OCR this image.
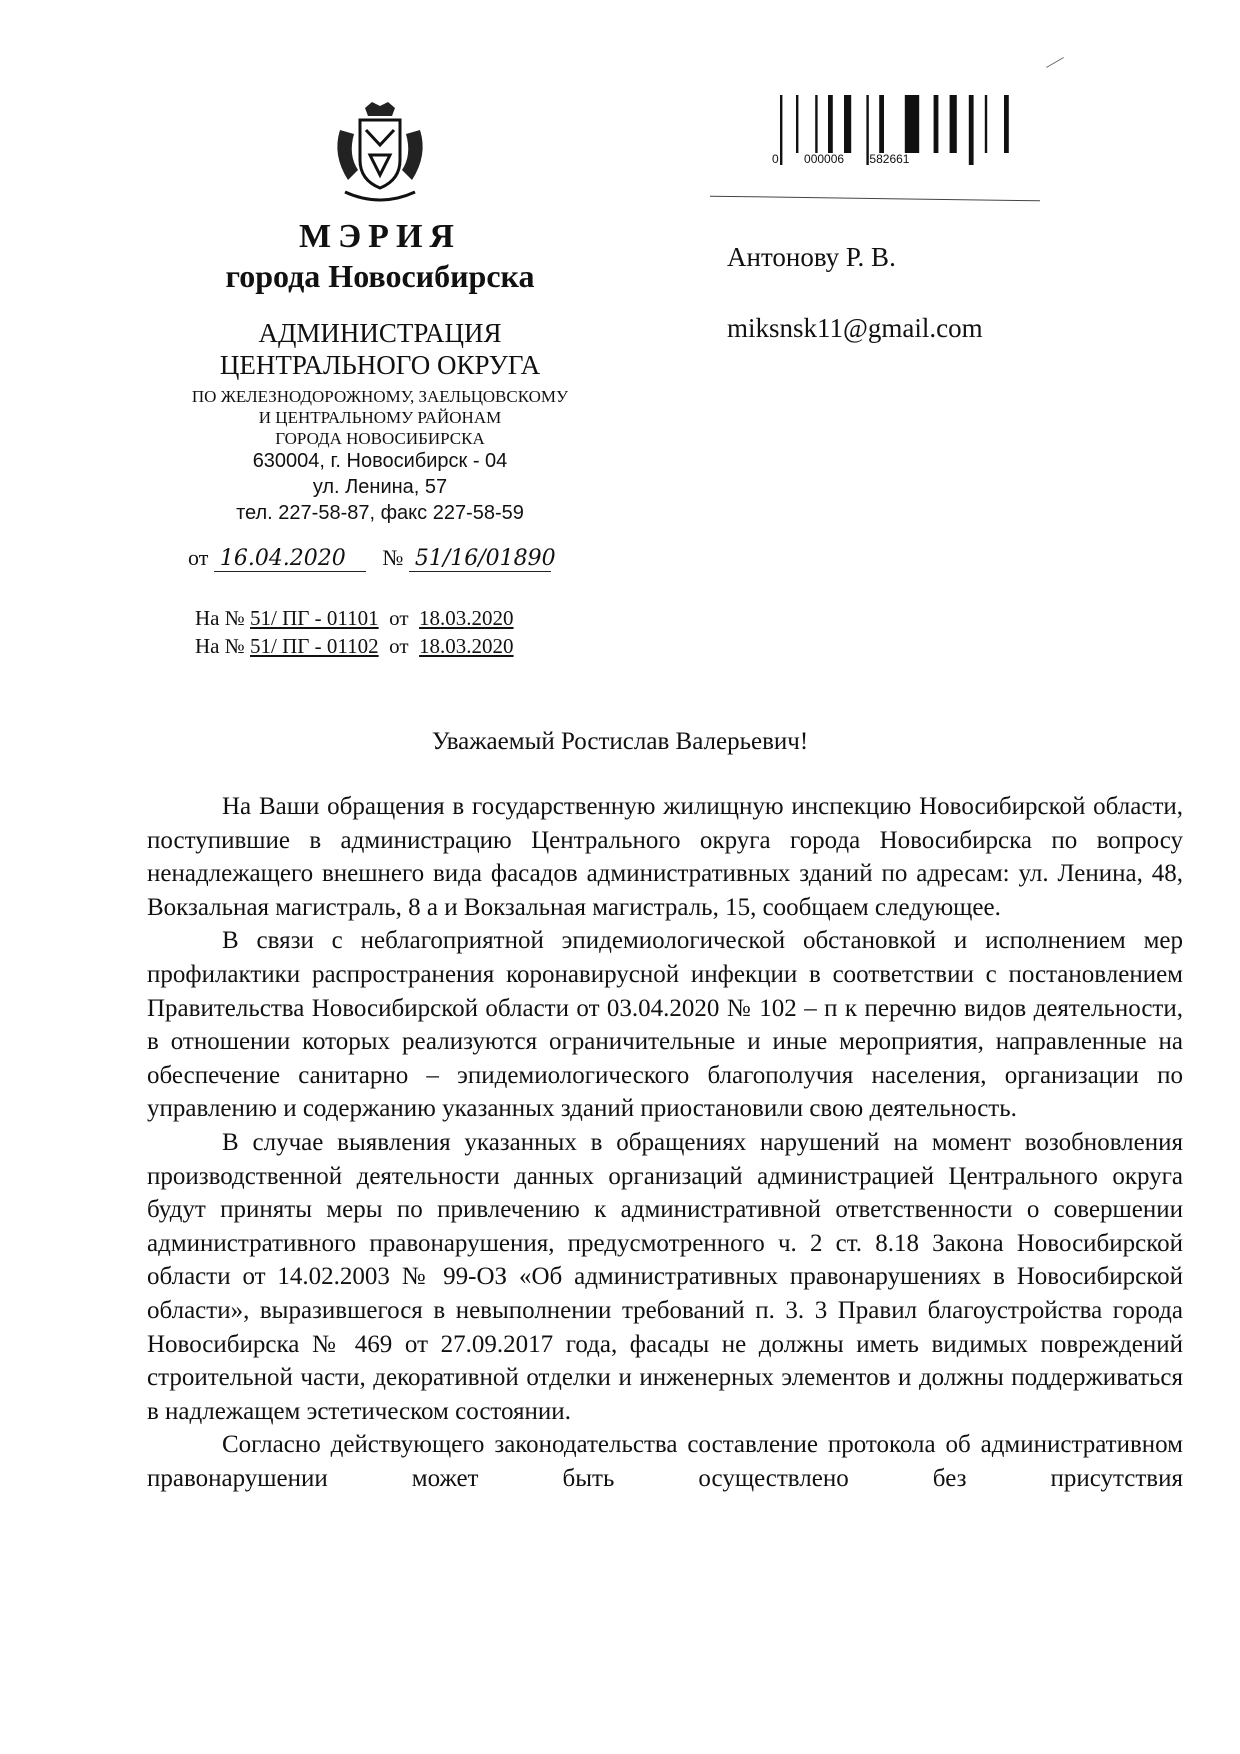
МЭРИЯ
города Новосибирска
АДМИНИСТРАЦИЯ
ЦЕНТРАЛЬНОГО ОКРУГА
ПО ЖЕЛЕЗНОДОРОЖНОМУ, ЗАЕЛЬЦОВСКОМУ
И ЦЕНТРАЛЬНОМУ РАЙОНАМ
ГОРОДА НОВОСИБИРСКА
630004, г. Новосибирск - 04
ул. Ленина, 57
тел. 227-58-87, факс 227-58-59
от 16.04.2020 № 51/16/01890
На № 51/ ПГ - 01101 от 18.03.2020
На № 51/ ПГ - 01102 от 18.03.2020
0 000006 582661
Антонову Р. В.
miksnsk11@gmail.com
Уважаемый Ростислав Валерьевич!

На Ваши обращения в государственную жилищную инспекцию Новосибирской области, поступившие в администрацию Центрального округа города Новосибирска по вопросу ненадлежащего внешнего вида фасадов административных зданий по адресам: ул. Ленина, 48, Вокзальная магистраль, 8 а и Вокзальная магистраль, 15, сообщаем следующее.

В связи с неблагоприятной эпидемиологической обстановкой и исполнением мер профилактики распространения коронавирусной инфекции в соответствии с постановлением Правительства Новосибирской области от 03.04.2020 № 102 – п к перечню видов деятельности, в отношении которых реализуются ограничительные и иные мероприятия, направленные на обеспечение санитарно – эпидемиологического благополучия населения, организации по управлению и содержанию указанных зданий приостановили свою деятельность.

В случае выявления указанных в обращениях нарушений на момент возобновления производственной деятельности данных организаций администрацией Центрального округа будут приняты меры по привлечению к административной ответственности о совершении административного правонарушения, предусмотренного ч. 2 ст. 8.18 Закона Новосибирской области от 14.02.2003 № 99-ОЗ «Об административных правонарушениях в Новосибирской области», выразившегося в невыполнении требований п. 3. 3 Правил благоустройства города Новосибирска № 469 от 27.09.2017 года, фасады не должны иметь видимых повреждений строительной части, декоративной отделки и инженерных элементов и должны поддерживаться в надлежащем эстетическом состоянии.

Согласно действующего законодательства составление протокола об административном правонарушении может быть осуществлено без присутствия
